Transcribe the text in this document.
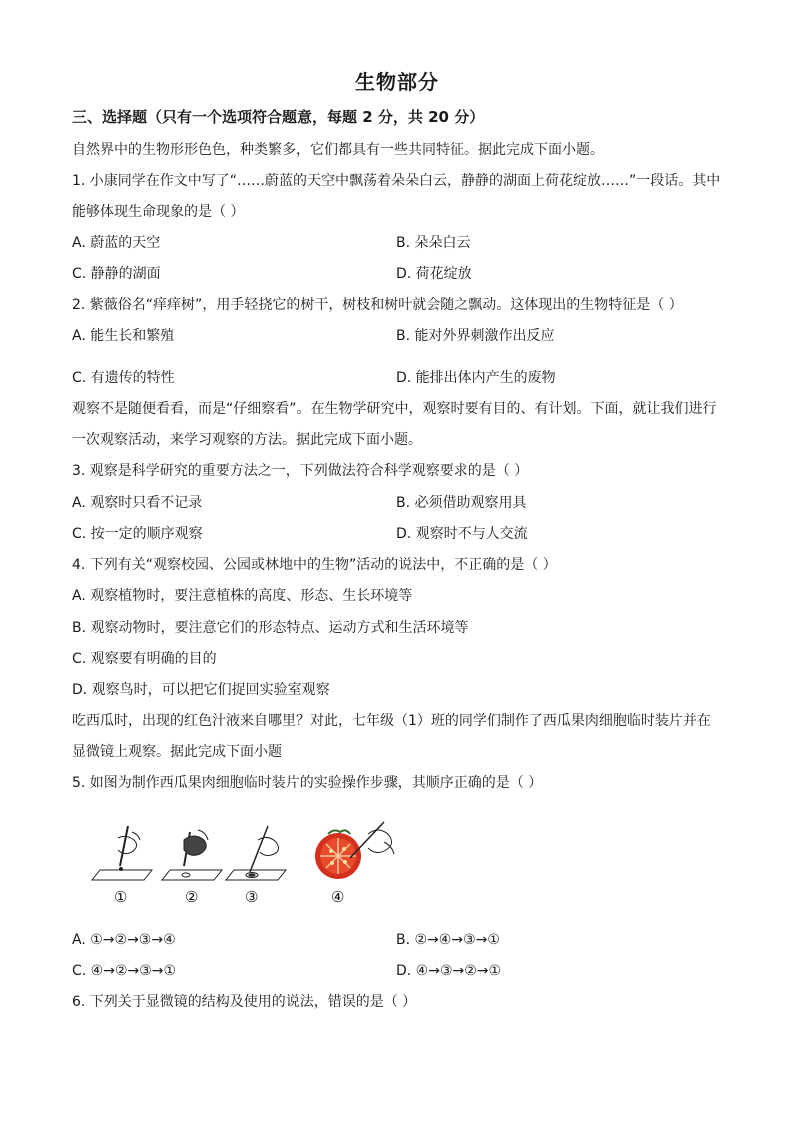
生物部分
三、选择题（只有一个选项符合题意，每题 2 分，共 20 分）
自然界中的生物形形色色，种类繁多，它们都具有一些共同特征。据此完成下面小题。
1. 小康同学在作文中写了“……蔚蓝的天空中飘荡着朵朵白云，静静的湖面上荷花绽放……”一段话。其中
能够体现生命现象的是（ ）
A. 蔚蓝的天空	B. 朵朵白云
C. 静静的湖面	D. 荷花绽放
2. 紫薇俗名“痒痒树”，用手轻挠它的树干，树枝和树叶就会随之飘动。这体现出的生物特征是（ ）
A. 能生长和繁殖	B. 能对外界刺激作出反应
C. 有遗传的特性	D. 能排出体内产生的废物
观察不是随便看看，而是“仔细察看”。在生物学研究中，观察时要有目的、有计划。下面，就让我们进行
一次观察活动，来学习观察的方法。据此完成下面小题。
3. 观察是科学研究的重要方法之一，下列做法符合科学观察要求的是（ ）
A. 观察时只看不记录	B. 必须借助观察用具
C. 按一定的顺序观察	D. 观察时不与人交流
4. 下列有关“观察校园、公园或林地中的生物”活动的说法中，不正确的是（ ）
A. 观察植物时，要注意植株的高度、形态、生长环境等
B. 观察动物时，要注意它们的形态特点、运动方式和生活环境等
C. 观察要有明确的目的
D. 观察鸟时，可以把它们捉回实验室观察
吃西瓜时，出现的红色汁液来自哪里？对此，七年级（1）班的同学们制作了西瓜果肉细胞临时装片并在
显微镜上观察。据此完成下面小题
5. 如图为制作西瓜果肉细胞临时装片的实验操作步骤，其顺序正确的是（ ）
①	②	③	④
A. ①→②→③→④	B. ②→④→③→①
C. ④→②→③→①	D. ④→③→②→①
6. 下列关于显微镜的结构及使用的说法，错误的是（ ）
